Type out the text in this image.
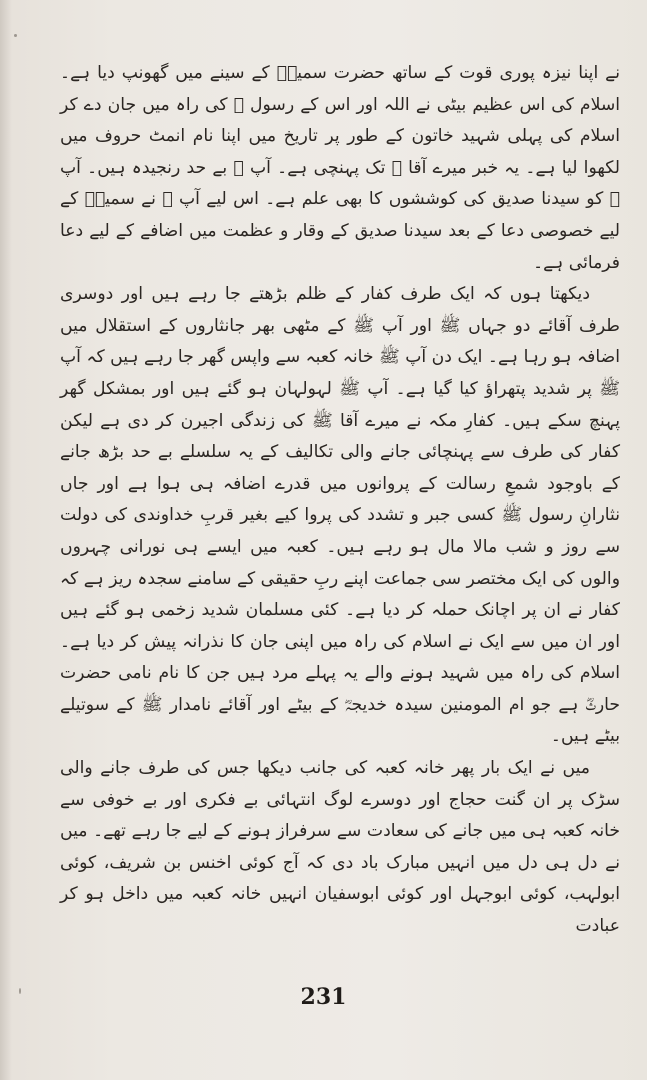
نے اپنا نیزہ پوری قوت کے ساتھ حضرت سمیہؓ کے سینے میں گھونپ دیا ہے۔ اسلام کی اس عظیم بیٹی نے اللہ اور اس کے رسول ﷺ کی راہ میں جان دے کر اسلام کی پہلی شہید خاتون کے طور پر تاریخ میں اپنا نام انمٹ حروف میں لکھوا لیا ہے۔ یہ خبر میرے آقا ﷺ تک پہنچی ہے۔ آپ ﷺ بے حد رنجیدہ ہیں۔ آپ ﷺ کو سیدنا صدیق کی کوششوں کا بھی علم ہے۔ اس لیے آپ ﷺ نے سمیہؓ کے لیے خصوصی دعا کے بعد سیدنا صدیق کے وقار و عظمت میں اضافے کے لیے دعا فرمائی ہے۔

دیکھتا ہوں کہ ایک طرف کفار کے ظلم بڑھتے جا رہے ہیں اور دوسری طرف آقائے دو جہاں ﷺ اور آپ ﷺ کے مٹھی بھر جانثاروں کے استقلال میں اضافہ ہو رہا ہے۔ ایک دن آپ ﷺ خانہ کعبہ سے واپس گھر جا رہے ہیں کہ آپ ﷺ پر شدید پتھراؤ کیا گیا ہے۔ آپ ﷺ لہولہان ہو گئے ہیں اور بمشکل گھر پہنچ سکے ہیں۔ کفارِ مکہ نے میرے آقا ﷺ کی زندگی اجیرن کر دی ہے لیکن کفار کی طرف سے پہنچائی جانے والی تکالیف کے یہ سلسلے بے حد بڑھ جانے کے باوجود شمعِ رسالت کے پروانوں میں قدرے اضافہ ہی ہوا ہے اور جاں نثارانِ رسول ﷺ کسی جبر و تشدد کی پروا کیے بغیر قربِ خداوندی کی دولت سے روز و شب مالا مال ہو رہے ہیں۔ کعبہ میں ایسے ہی نورانی چہروں والوں کی ایک مختصر سی جماعت اپنے ربِ حقیقی کے سامنے سجدہ ریز ہے کہ کفار نے ان پر اچانک حملہ کر دیا ہے۔ کئی مسلمان شدید زخمی ہو گئے ہیں اور ان میں سے ایک نے اسلام کی راہ میں اپنی جان کا نذرانہ پیش کر دیا ہے۔ اسلام کی راہ میں شہید ہونے والے یہ پہلے مرد ہیں جن کا نام نامی حضرت حارثؓ ہے جو ام المومنین سیدہ خدیجہؓ کے بیٹے اور آقائے نامدار ﷺ کے سوتیلے بیٹے ہیں۔

میں نے ایک بار پھر خانہ کعبہ کی جانب دیکھا جس کی طرف جانے والی سڑک پر ان گنت حجاج اور دوسرے لوگ انتہائی بے فکری اور بے خوفی سے خانہ کعبہ ہی میں جانے کی سعادت سے سرفراز ہونے کے لیے جا رہے تھے۔ میں نے دل ہی دل میں انہیں مبارک باد دی کہ آج کوئی اخنس بن شریف، کوئی ابولہب، کوئی ابوجہل اور کوئی ابوسفیان انہیں خانہ کعبہ میں داخل ہو کر عبادت

231
